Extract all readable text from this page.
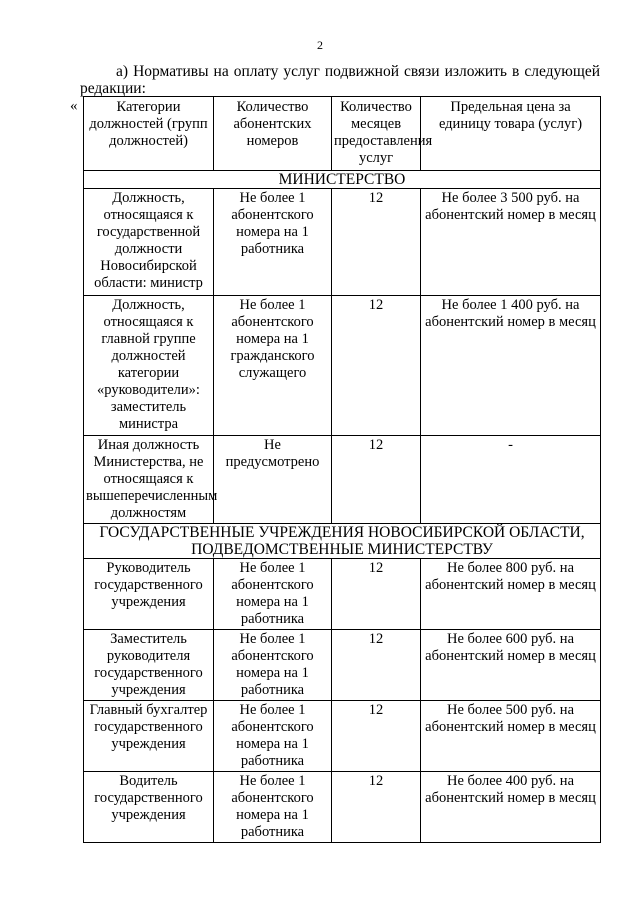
2
а) Нормативы на оплату услуг подвижной связи изложить в следующей редакции:
«	Категории должностей (групп должностей)	Количество абонентских номеров	Количество месяцев предоставления услуг	Предельная цена за единицу товара (услуг)
МИНИСТЕРСТВО			
Должность, относящаяся к государственной должности Новосибирской области: министр	Не более 1 абонентского номера на 1 работника	12	Не более 3 500 руб. на абонентский номер в месяц
Должность, относящаяся к главной группе должностей категории «руководители»: заместитель министра	Не более 1 абонентского номера на 1 гражданского служащего	12	Не более 1 400 руб. на абонентский номер в месяц
Иная должность Министерства, не относящаяся к вышеперечисленным должностям	Не предусмотрено	12	-
ГОСУДАРСТВЕННЫЕ УЧРЕЖДЕНИЯ НОВОСИБИРСКОЙ ОБЛАСТИ, ПОДВЕДОМСТВЕННЫЕ МИНИСТЕРСТВУ			
Руководитель государственного учреждения	Не более 1 абонентского номера на 1 работника	12	Не более 800 руб. на абонентский номер в месяц
Заместитель руководителя государственного учреждения	Не более 1 абонентского номера на 1 работника	12	Не более 600 руб. на абонентский номер в месяц
Главный бухгалтер государственного учреждения	Не более 1 абонентского номера на 1 работника	12	Не более 500 руб. на абонентский номер в месяц
Водитель государственного учреждения	Не более 1 абонентского номера на 1 работника	12	Не более 400 руб. на абонентский номер в месяц
